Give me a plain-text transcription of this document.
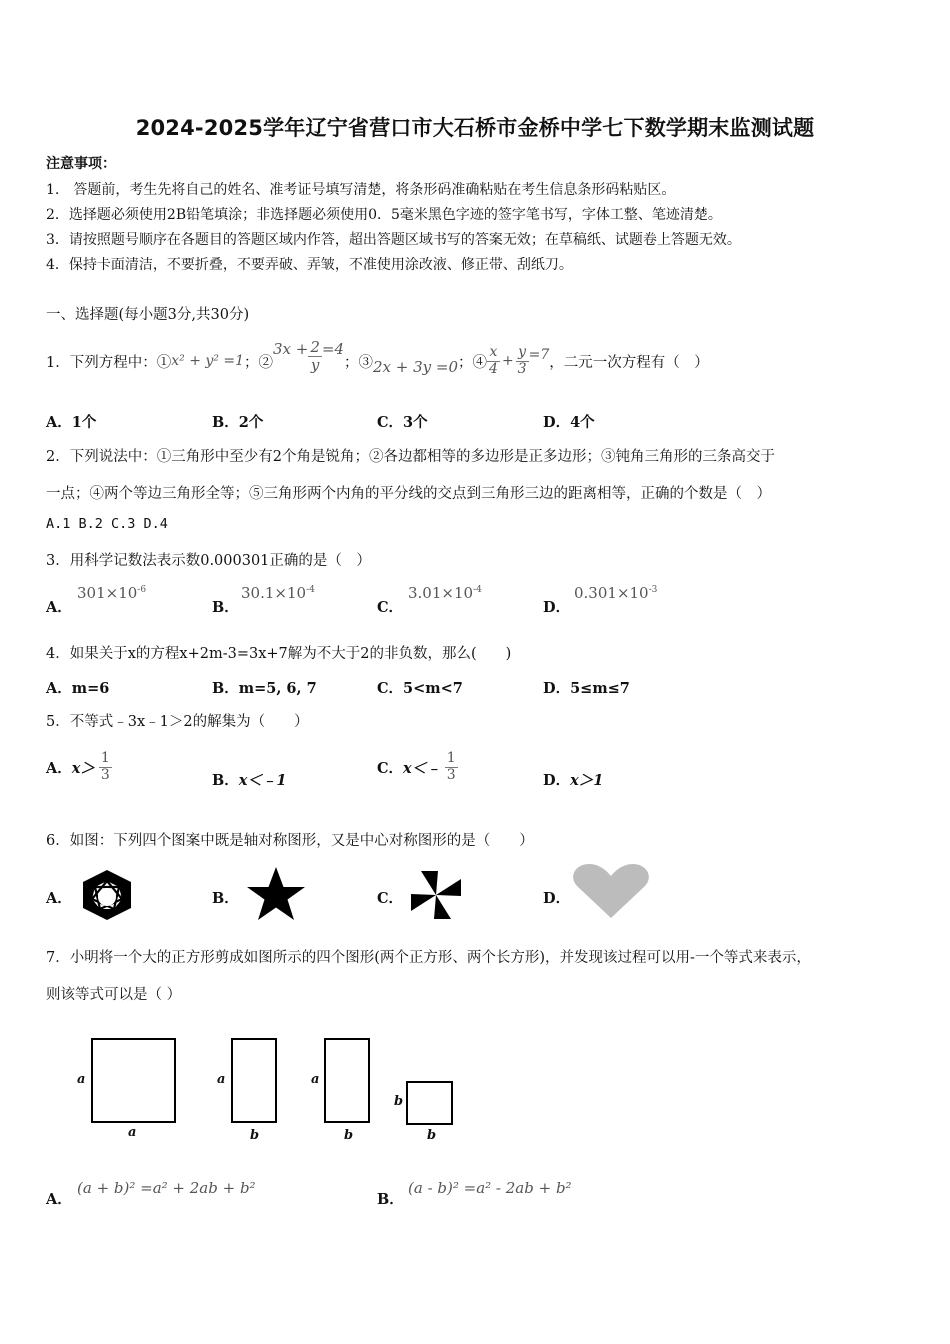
2024-2025学年辽宁省营口市大石桥市金桥中学七下数学期末监测试题
注意事项：
1.　答题前，考生先将自己的姓名、准考证号填写清楚，将条形码准确粘贴在考生信息条形码粘贴区。
2．选择题必须使用2B铅笔填涂；非选择题必须使用0．5毫米黑色字迹的签字笔书写，字体工整、笔迹清楚。
3．请按照题号顺序在各题目的答题区域内作答，超出答题区域书写的答案无效；在草稿纸、试题卷上答题无效。
4．保持卡面清洁，不要折叠，不要弄破、弄皱，不准使用涂改液、修正带、刮纸刀。
一、选择题(每小题3分,共30分)
1．下列方程中：① x² + y² =1 ；②
$3x + \frac{2}{y} =4$
；③ 2x + 3y =0 ；④ $\frac{x}{4} + \frac{y}{3} =7$ ，二元一次方程有（　）
A．1个	B．2个	C．3个	D．4个
2．下列说法中：①三角形中至少有2个角是锐角；②各边都相等的多边形是正多边形；③钝角三角形的三条高交于
一点；④两个等边三角形全等；⑤三角形两个内角的平分线的交点到三角形三边的距离相等，正确的个数是（　）
A.1 B.2 C.3 D.4
3．用科学记数法表示数0.000301正确的是（　）
A．
$301\times 10^{-6}$
B．
$30.1\times 10^{-4}$
C．
$3.01\times 10^{-4}$
D．
$0.301\times 10^{-3}$
4．如果关于x的方程x+2m-3=3x+7解为不大于2的非负数，那么(　　)
A．m=6	B．m=5, 6, 7	C．5<m<7	D．5≤m≤7
5．不等式﹣3x﹣1＞2的解集为（　　）
A． $x> \frac{1}{3}$	B．x＜﹣1
C． x＜﹣ $\frac{1}{3}$	D．x＞1
6．如图：下列四个图案中既是轴对称图形，又是中心对称图形的是（　　）
A．	B．	C．	D．
7．小明将一个大的正方形剪成如图所示的四个图形(两个正方形、两个长方形)，并发现该过程可以用-一个等式来表示，
则该等式可以是（ ）
a
a
a
b
a
b
b
b
A．
(a + b)² =a² + 2ab + b²
B．
(a - b)² =a² - 2ab + b²
